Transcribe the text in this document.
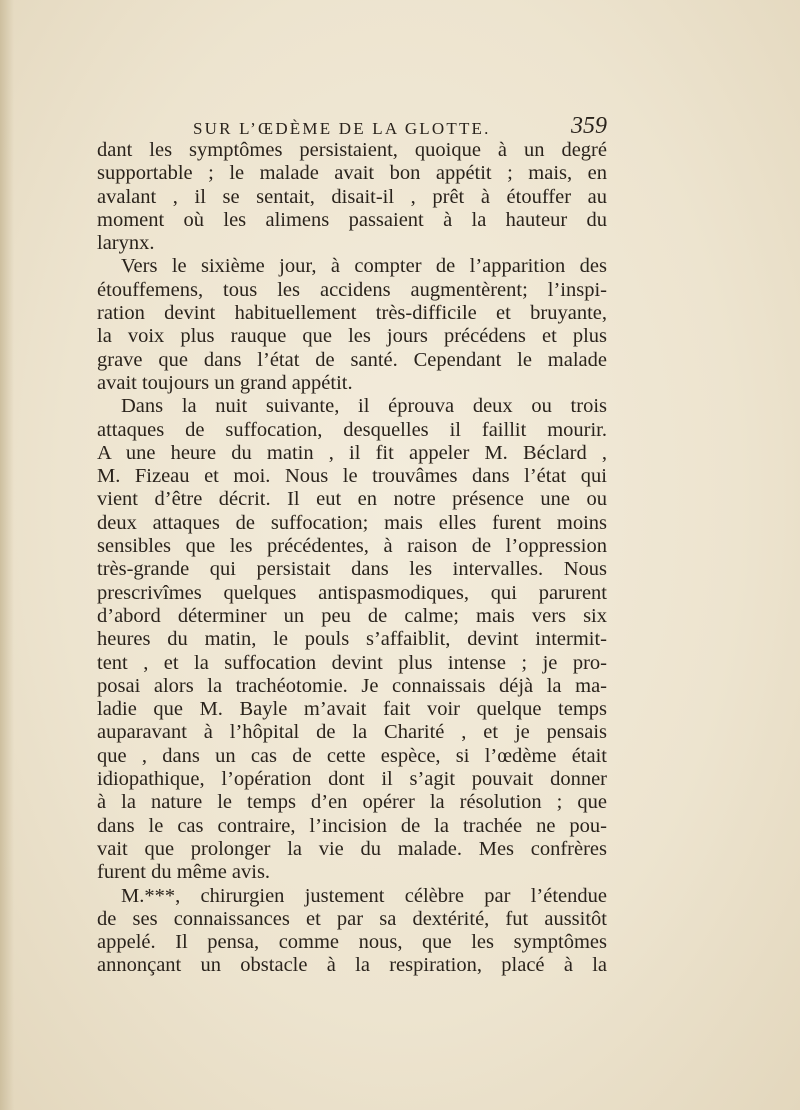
SUR L’ŒDÈME DE LA GLOTTE.	359
dant les symptômes persistaient, quoique à un degré
supportable ; le malade avait bon appétit ; mais, en
avalant , il se sentait, disait-il , prêt à étouffer au
moment où les alimens passaient à la hauteur du
larynx.
Vers le sixième jour, à compter de l’apparition des
étouffemens, tous les accidens augmentèrent; l’inspi-
ration devint habituellement très-difficile et bruyante,
la voix plus rauque que les jours précédens et plus
grave que dans l’état de santé. Cependant le malade
avait toujours un grand appétit.
Dans la nuit suivante, il éprouva deux ou trois
attaques de suffocation, desquelles il faillit mourir.
A une heure du matin , il fit appeler M. Béclard ,
M. Fizeau et moi. Nous le trouvâmes dans l’état qui
vient d’être décrit. Il eut en notre présence une ou
deux attaques de suffocation; mais elles furent moins
sensibles que les précédentes, à raison de l’oppression
très-grande qui persistait dans les intervalles. Nous
prescrivîmes quelques antispasmodiques, qui parurent
d’abord déterminer un peu de calme; mais vers six
heures du matin, le pouls s’affaiblit, devint intermit-
tent , et la suffocation devint plus intense ; je pro-
posai alors la trachéotomie. Je connaissais déjà la ma-
ladie que M. Bayle m’avait fait voir quelque temps
auparavant à l’hôpital de la Charité , et je pensais
que , dans un cas de cette espèce, si l’œdème était
idiopathique, l’opération dont il s’agit pouvait donner
à la nature le temps d’en opérer la résolution ; que
dans le cas contraire, l’incision de la trachée ne pou-
vait que prolonger la vie du malade. Mes confrères
furent du même avis.
M.***, chirurgien justement célèbre par l’étendue
de ses connaissances et par sa dextérité, fut aussitôt
appelé. Il pensa, comme nous, que les symptômes
annonçant un obstacle à la respiration, placé à la
